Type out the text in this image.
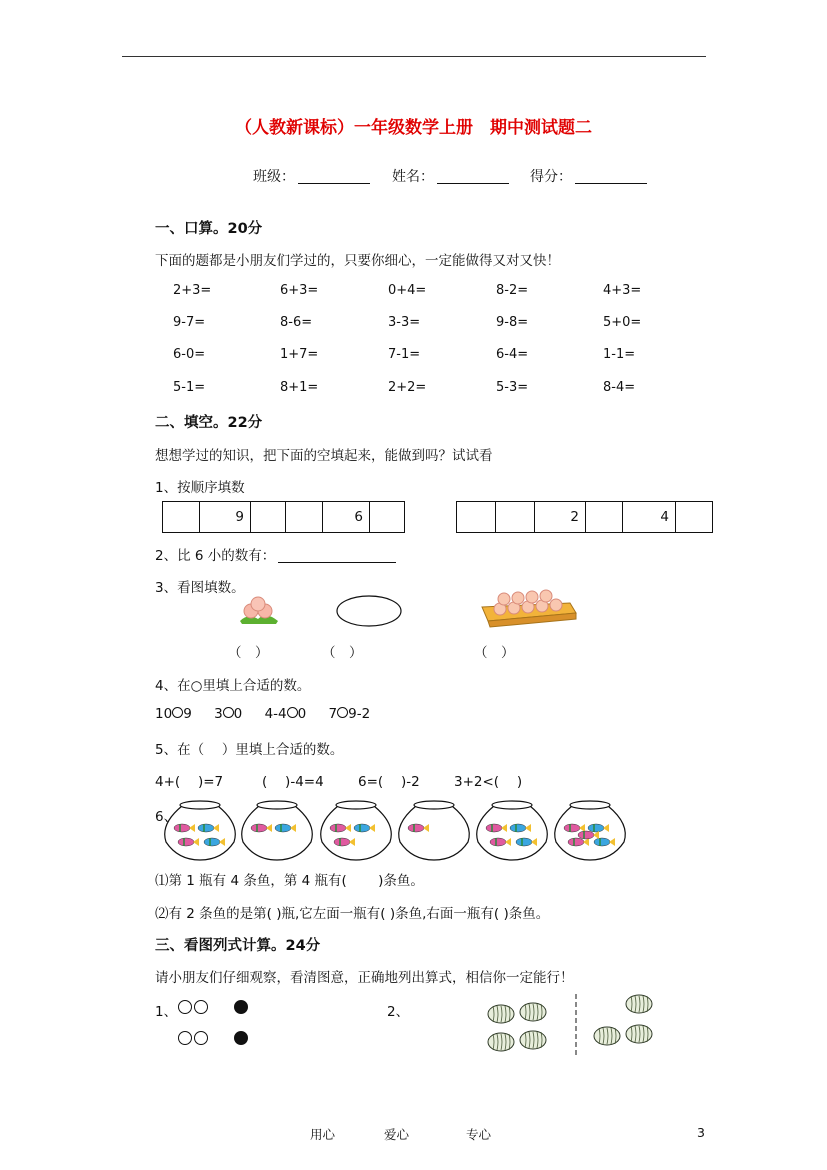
（人教新课标）一年级数学上册　期中测试题二
班级：	姓名：	得分：
一、口算。20分
下面的题都是小朋友们学过的，只要你细心，一定能做得又对又快！
2+3=	6+3=	0+4=	8-2=	4+3=
9-7=	8-6=	3-3=	9-8=	5+0=
6-0=	1+7=	7-1=	6-4=	1-1=
5-1=	8+1=	2+2=	5-3=	8-4=
二、填空。22分
想想学过的知识，把下面的空填起来，能做到吗？试试看
1、按顺序填数
	9			6	
			2		4	
2、比 6 小的数有：
3、看图填数。
（　）	（　）	（　）
4、在○里填上合适的数。
10 9 3 0 4-4 0 7 9-2
5、在（　 ）里填上合适的数。
4+(　 )=7	(　 )-4=4	6=(　 )-2	3+2<(　 )
6、
⑴第 1 瓶有 4 条鱼，第 4 瓶有(　　 )条鱼。
⑵有 2 条鱼的是第( )瓶,它左面一瓶有( )条鱼,右面一瓶有( )条鱼。
三、看图列式计算。24分
请小朋友们仔细观察，看清图意，正确地列出算式，相信你一定能行！
1、	2、
用心	爱心	专心	3
